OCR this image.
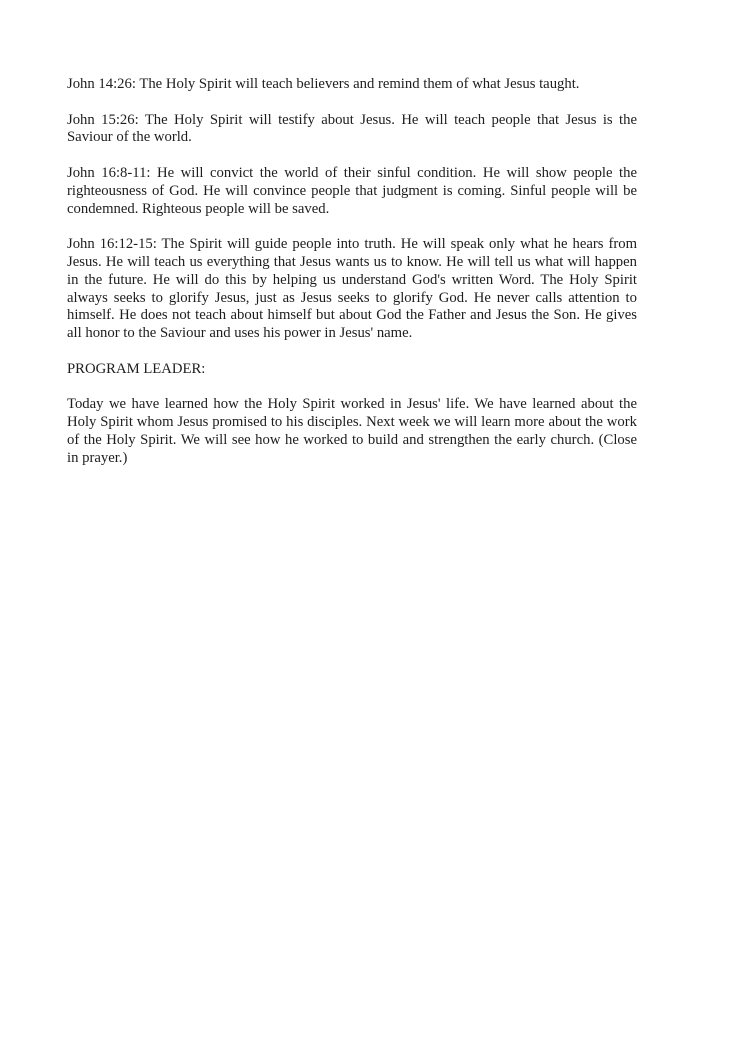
John 14:26: The Holy Spirit will teach believers and remind them of what Jesus taught.

John 15:26: The Holy Spirit will testify about Jesus. He will teach people that Jesus is the Saviour of the world.

John 16:8-11: He will convict the world of their sinful condition. He will show people the righteousness of God. He will convince people that judgment is coming. Sinful people will be condemned. Righteous people will be saved.

John 16:12-15: The Spirit will guide people into truth. He will speak only what he hears from Jesus. He will teach us everything that Jesus wants us to know. He will tell us what will happen in the future. He will do this by helping us understand God's written Word. The Holy Spirit always seeks to glorify Jesus, just as Jesus seeks to glorify God. He never calls attention to himself. He does not teach about himself but about God the Father and Jesus the Son. He gives all honor to the Saviour and uses his power in Jesus' name.

PROGRAM LEADER:

Today we have learned how the Holy Spirit worked in Jesus' life. We have learned about the Holy Spirit whom Jesus promised to his disciples. Next week we will learn more about the work of the Holy Spirit. We will see how he worked to build and strengthen the early church. (Close in prayer.)
